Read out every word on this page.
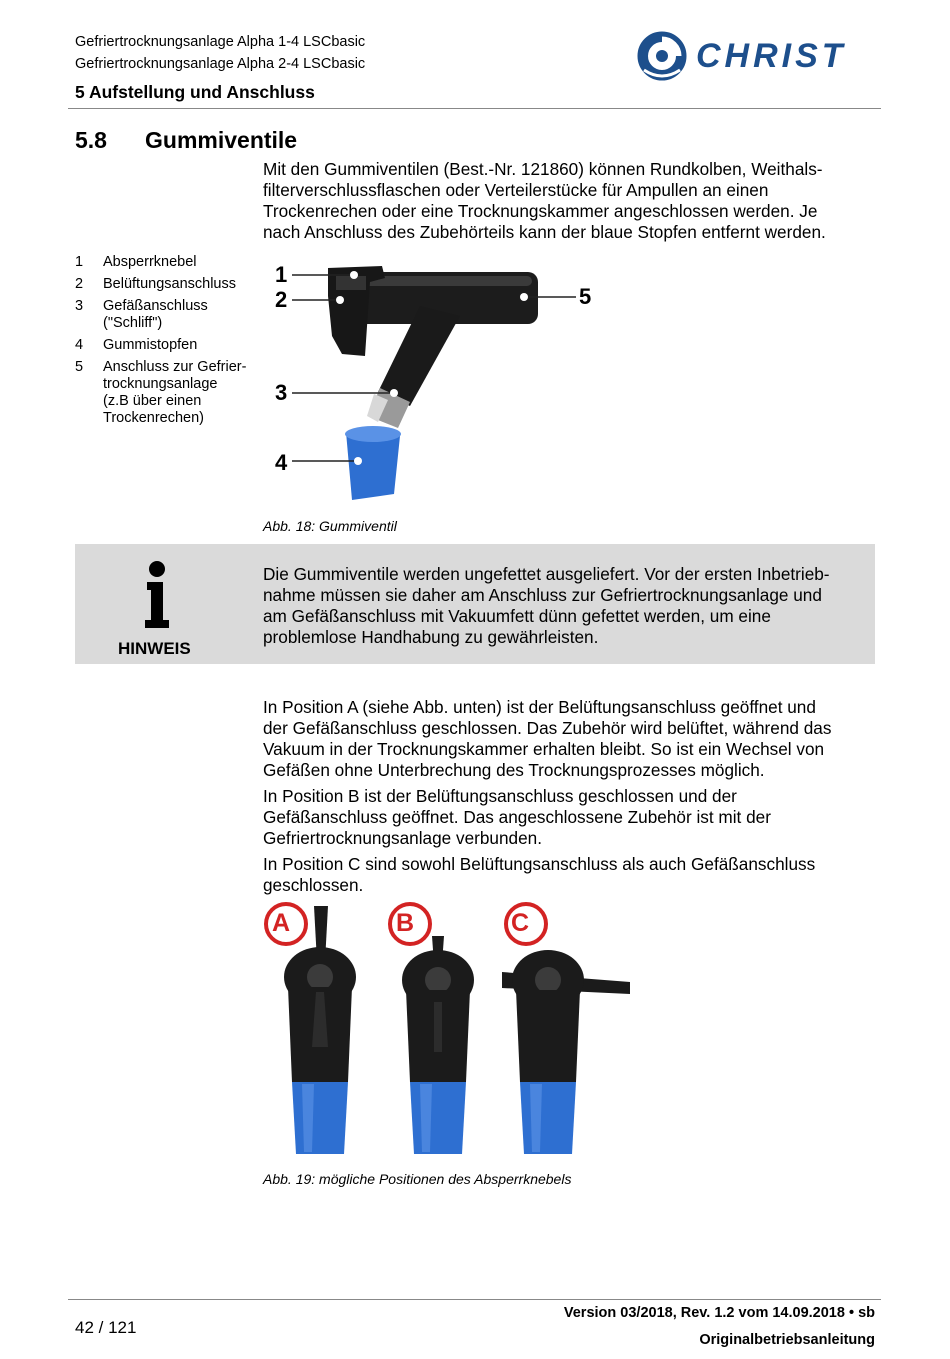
Gefriertrocknungsanlage Alpha 1-4 LSCbasic
Gefriertrocknungsanlage Alpha 2-4 LSCbasic
5 Aufstellung und Anschluss
CHRIST
5.8 Gummiventile
Mit den Gummiventilen (Best.-Nr. 121860) können Rundkolben, Weithals-
filterverschlussflaschen oder Verteilerstücke für Ampullen an einen
Trockenrechen oder eine Trocknungskammer angeschlossen werden. Je
nach Anschluss des Zubehörteils kann der blaue Stopfen entfernt werden.
1	Absperrknebel
2	Belüftungsanschluss
3	Gefäßanschluss
("Schliff")
4	Gummistopfen
5	Anschluss zur Gefrier-
trocknungsanlage
(z.B über einen
Trockenrechen)
1
2
3
4
5
Abb. 18: Gummiventil
HINWEIS
Die Gummiventile werden ungefettet ausgeliefert. Vor der ersten Inbetrieb-
nahme müssen sie daher am Anschluss zur Gefriertrocknungsanlage und
am Gefäßanschluss mit Vakuumfett dünn gefettet werden, um eine
problemlose Handhabung zu gewährleisten.
In Position A (siehe Abb. unten) ist der Belüftungsanschluss geöffnet und
der Gefäßanschluss geschlossen. Das Zubehör wird belüftet, während das
Vakuum in der Trocknungskammer erhalten bleibt. So ist ein Wechsel von
Gefäßen ohne Unterbrechung des Trocknungsprozesses möglich.
In Position B ist der Belüftungsanschluss geschlossen und der
Gefäßanschluss geöffnet. Das angeschlossene Zubehör ist mit der
Gefriertrocknungsanlage verbunden.
In Position C sind sowohl Belüftungsanschluss als auch Gefäßanschluss
geschlossen.
A	B	C
Abb. 19: mögliche Positionen des Absperrknebels
42 / 121
Version 03/2018, Rev. 1.2 vom 14.09.2018 • sb
Originalbetriebsanleitung
